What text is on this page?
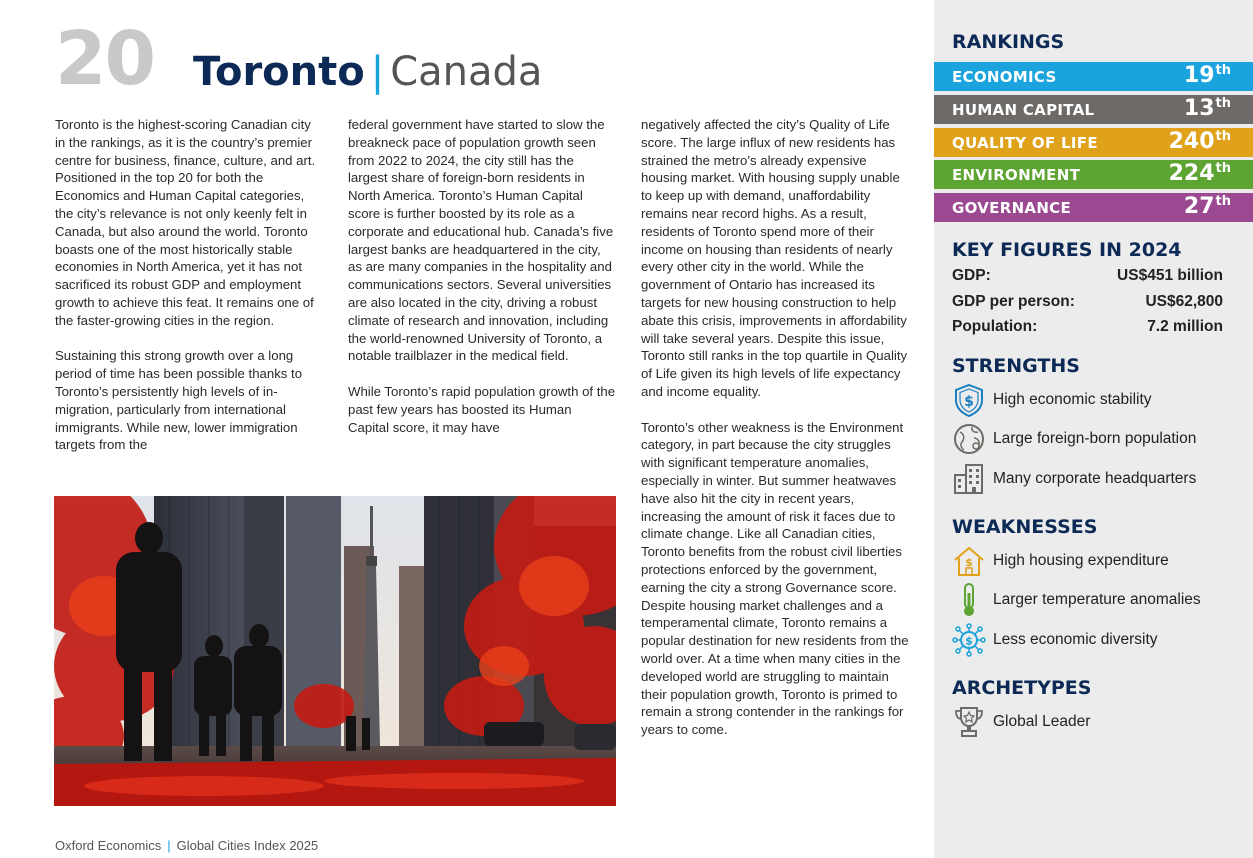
20 Toronto | Canada

Toronto is the highest-scoring Canadian city in the rankings, as it is the country’s premier centre for business, finance, culture, and art. Positioned in the top 20 for both the Economics and Human Capital categories, the city’s relevance is not only keenly felt in Canada, but also around the world. Toronto boasts one of the most historically stable economies in North America, yet it has not sacrificed its robust GDP and employment growth to achieve this feat. It remains one of the faster-growing cities in the region.

Sustaining this strong growth over a long period of time has been possible thanks to Toronto’s persistently high levels of in-migration, particularly from international immigrants. While new, lower immigration targets from the

federal government have started to slow the breakneck pace of population growth seen from 2022 to 2024, the city still has the largest share of foreign-born residents in North America. Toronto’s Human Capital score is further boosted by its role as a corporate and educational hub. Canada’s five largest banks are headquartered in the city, as are many companies in the hospitality and communications sectors. Several universities are also located in the city, driving a robust climate of research and innovation, including the world-renowned University of Toronto, a notable trailblazer in the medical field.

While Toronto’s rapid population growth of the past few years has boosted its Human Capital score, it may have

negatively affected the city’s Quality of Life score. The large influx of new residents has strained the metro’s already expensive housing market. With housing supply unable to keep up with demand, unaffordability remains near record highs. As a result, residents of Toronto spend more of their income on housing than residents of nearly every other city in the world. While the government of Ontario has increased its targets for new housing construction to help abate this crisis, improvements in affordability will take several years. Despite this issue, Toronto still ranks in the top quartile in Quality of Life given its high levels of life expectancy and income equality.

Toronto’s other weakness is the Environment category, in part because the city struggles with significant temperature anomalies, especially in winter. But summer heatwaves have also hit the city in recent years, increasing the amount of risk it faces due to climate change. Like all Canadian cities, Toronto benefits from the robust civil liberties protections enforced by the government, earning the city a strong Governance score. Despite housing market challenges and a temperamental climate, Toronto remains a popular destination for new residents from the world over. At a time when many cities in the developed world are struggling to maintain their population growth, Toronto is primed to remain a strong contender in the rankings for years to come.

Oxford Economics | Global Cities Index 2025
RANKINGS
ECONOMICS	19th
HUMAN CAPITAL	13th
QUALITY OF LIFE	240th
ENVIRONMENT	224th
GOVERNANCE	27th
KEY FIGURES IN 2024
GDP:	US$451 billion
GDP per person:	US$62,800
Population:	7.2 million
STRENGTHS
$ High economic stability
Large foreign-born population
Many corporate headquarters
WEAKNESSES
$ High housing expenditure
Larger temperature anomalies
$ Less economic diversity
ARCHETYPES
Global Leader
